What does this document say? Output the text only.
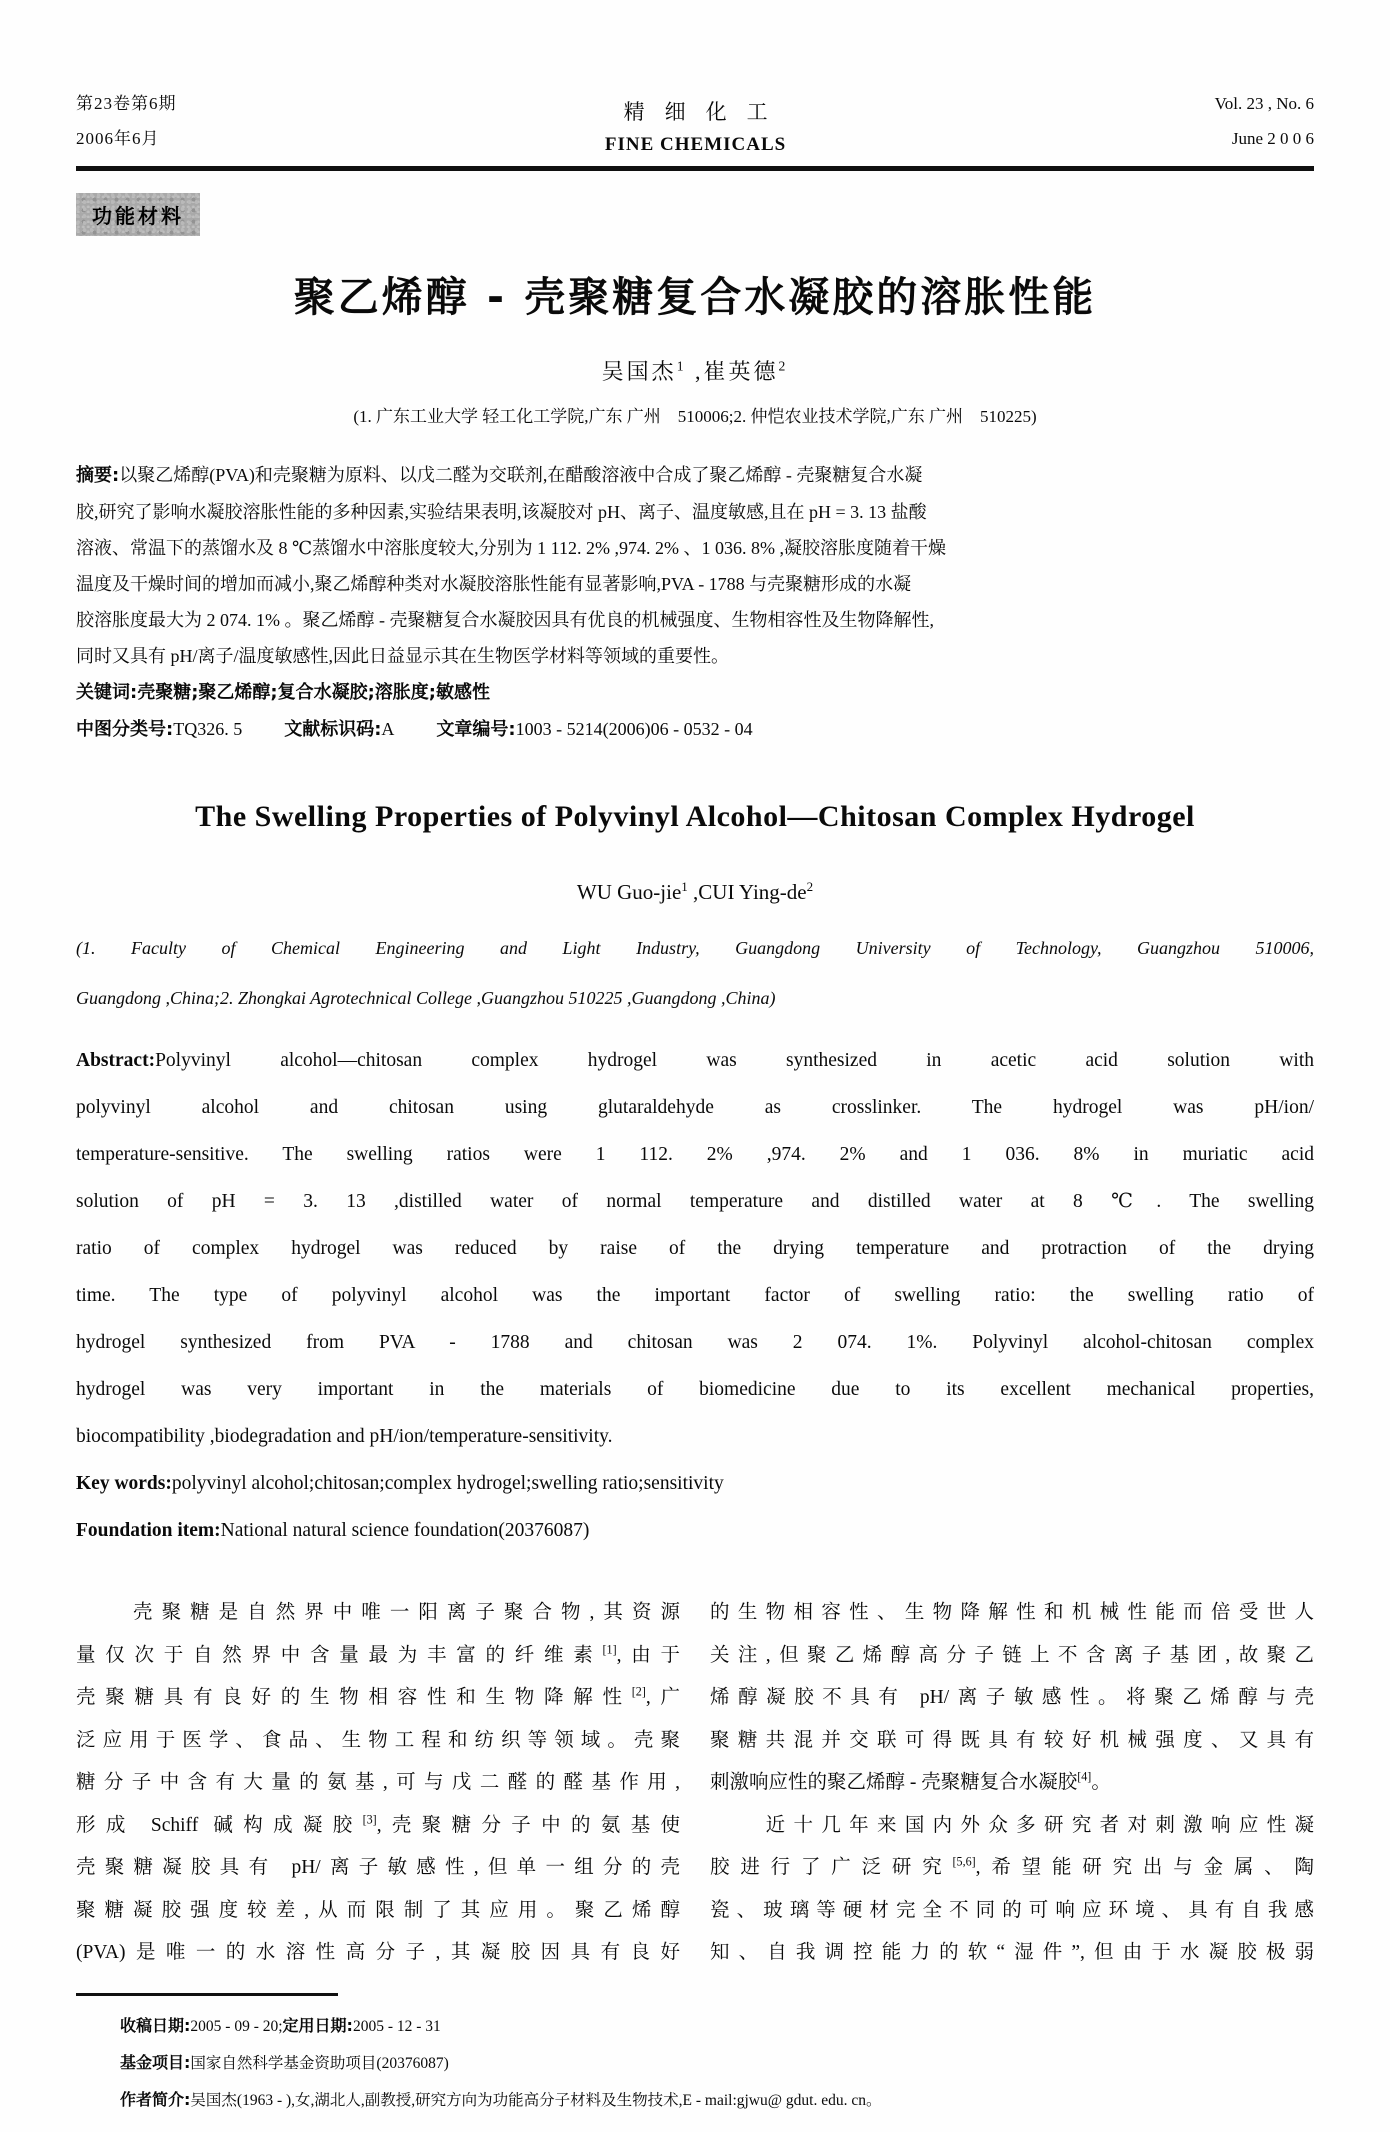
第23卷第6期
2006年6月
精细化工
FINE CHEMICALS
Vol. 23 , No. 6
June 2 0 0 6
功能材料
聚乙烯醇 - 壳聚糖复合水凝胶的溶胀性能
吴国杰$^1$ ,崔英德$^2$
(1. 广东工业大学 轻工化工学院,广东 广州　510006;2. 仲恺农业技术学院,广东 广州　510225)
摘要:以聚乙烯醇(PVA)和壳聚糖为原料、以戊二醛为交联剂,在醋酸溶液中合成了聚乙烯醇 - 壳聚糖复合水凝
胶,研究了影响水凝胶溶胀性能的多种因素,实验结果表明,该凝胶对 pH、离子、温度敏感,且在 pH = 3. 13 盐酸
溶液、常温下的蒸馏水及 8 ℃蒸馏水中溶胀度较大,分别为 1 112. 2% ,974. 2% 、1 036. 8% ,凝胶溶胀度随着干燥
温度及干燥时间的增加而减小,聚乙烯醇种类对水凝胶溶胀性能有显著影响,PVA - 1788 与壳聚糖形成的水凝
胶溶胀度最大为 2 074. 1% 。聚乙烯醇 - 壳聚糖复合水凝胶因具有优良的机械强度、生物相容性及生物降解性,
同时又具有 pH/离子/温度敏感性,因此日益显示其在生物医学材料等领域的重要性。
关键词:壳聚糖;聚乙烯醇;复合水凝胶;溶胀度;敏感性
中图分类号:TQ326. 5 文献标识码:A 文章编号:1003 - 5214(2006)06 - 0532 - 04
The Swelling Properties of Polyvinyl Alcohol—Chitosan Complex Hydrogel
WU Guo-jie$^1$ ,CUI Ying-$de^2$
(1. Faculty of Chemical Engineering and Light Industry, Guangdong University of Technology, Guangzhou 510006,
Guangdong ,China;2. Zhongkai Agrotechnical College ,Guangzhou 510225 ,Guangdong ,China)
Abstract:Polyvinyl alcohol—chitosan complex hydrogel was synthesized in acetic acid solution with
polyvinyl alcohol and chitosan using glutaraldehyde as crosslinker. The hydrogel was pH/ion/
temperature-sensitive. The swelling ratios were 1 112. 2% ,974. 2% and 1 036. 8% in muriatic acid
solution of pH = 3. 13 ,distilled water of normal temperature and distilled water at 8 ℃. The swelling
ratio of complex hydrogel was reduced by raise of the drying temperature and protraction of the drying
time. The type of polyvinyl alcohol was the important factor of swelling ratio: the swelling ratio of
hydrogel synthesized from PVA - 1788 and chitosan was 2 074. 1%. Polyvinyl alcohol-chitosan complex
hydrogel was very important in the materials of biomedicine due to its excellent mechanical properties,
biocompatibility ,biodegradation and pH/ion/temperature-sensitivity.
Key words:polyvinyl alcohol;chitosan;complex hydrogel;swelling ratio;sensitivity
Foundation item:National natural science foundation(20376087)
　　壳聚糖是自然界中唯一阳离子聚合物,其资源
量仅次于自然界中含量最为丰富的纤维素[1],由于
壳聚糖具有良好的生物相容性和生物降解性[2],广
泛应用于医学、食品、生物工程和纺织等领域。壳聚
糖分子中含有大量的氨基,可与戊二醛的醛基作用,
形成 Schiff 碱构成凝胶[3],壳聚糖分子中的氨基使
壳聚糖凝胶具有 pH/离子敏感性,但单一组分的壳
聚糖凝胶强度较差,从而限制了其应用。聚乙烯醇
(PVA)是唯一的水溶性高分子,其凝胶因具有良好
的生物相容性、生物降解性和机械性能而倍受世人
关注,但聚乙烯醇高分子链上不含离子基团,故聚乙
烯醇凝胶不具有 pH/离子敏感性。将聚乙烯醇与壳
聚糖共混并交联可得既具有较好机械强度、又具有
刺激响应性的聚乙烯醇 - 壳聚糖复合水凝胶[4]。
　　近十几年来国内外众多研究者对刺激响应性凝
胶进行了广泛研究[5,6],希望能研究出与金属、陶
瓷、玻璃等硬材完全不同的可响应环境、具有自我感
知、自我调控能力的软“湿件”,但由于水凝胶极弱
收稿日期:2005 - 09 - 20;定用日期:2005 - 12 - 31
基金项目:国家自然科学基金资助项目(20376087)
作者简介:吴国杰(1963 - ),女,湖北人,副教授,研究方向为功能高分子材料及生物技术,E - mail:gjwu@ gdut. edu. cn。
